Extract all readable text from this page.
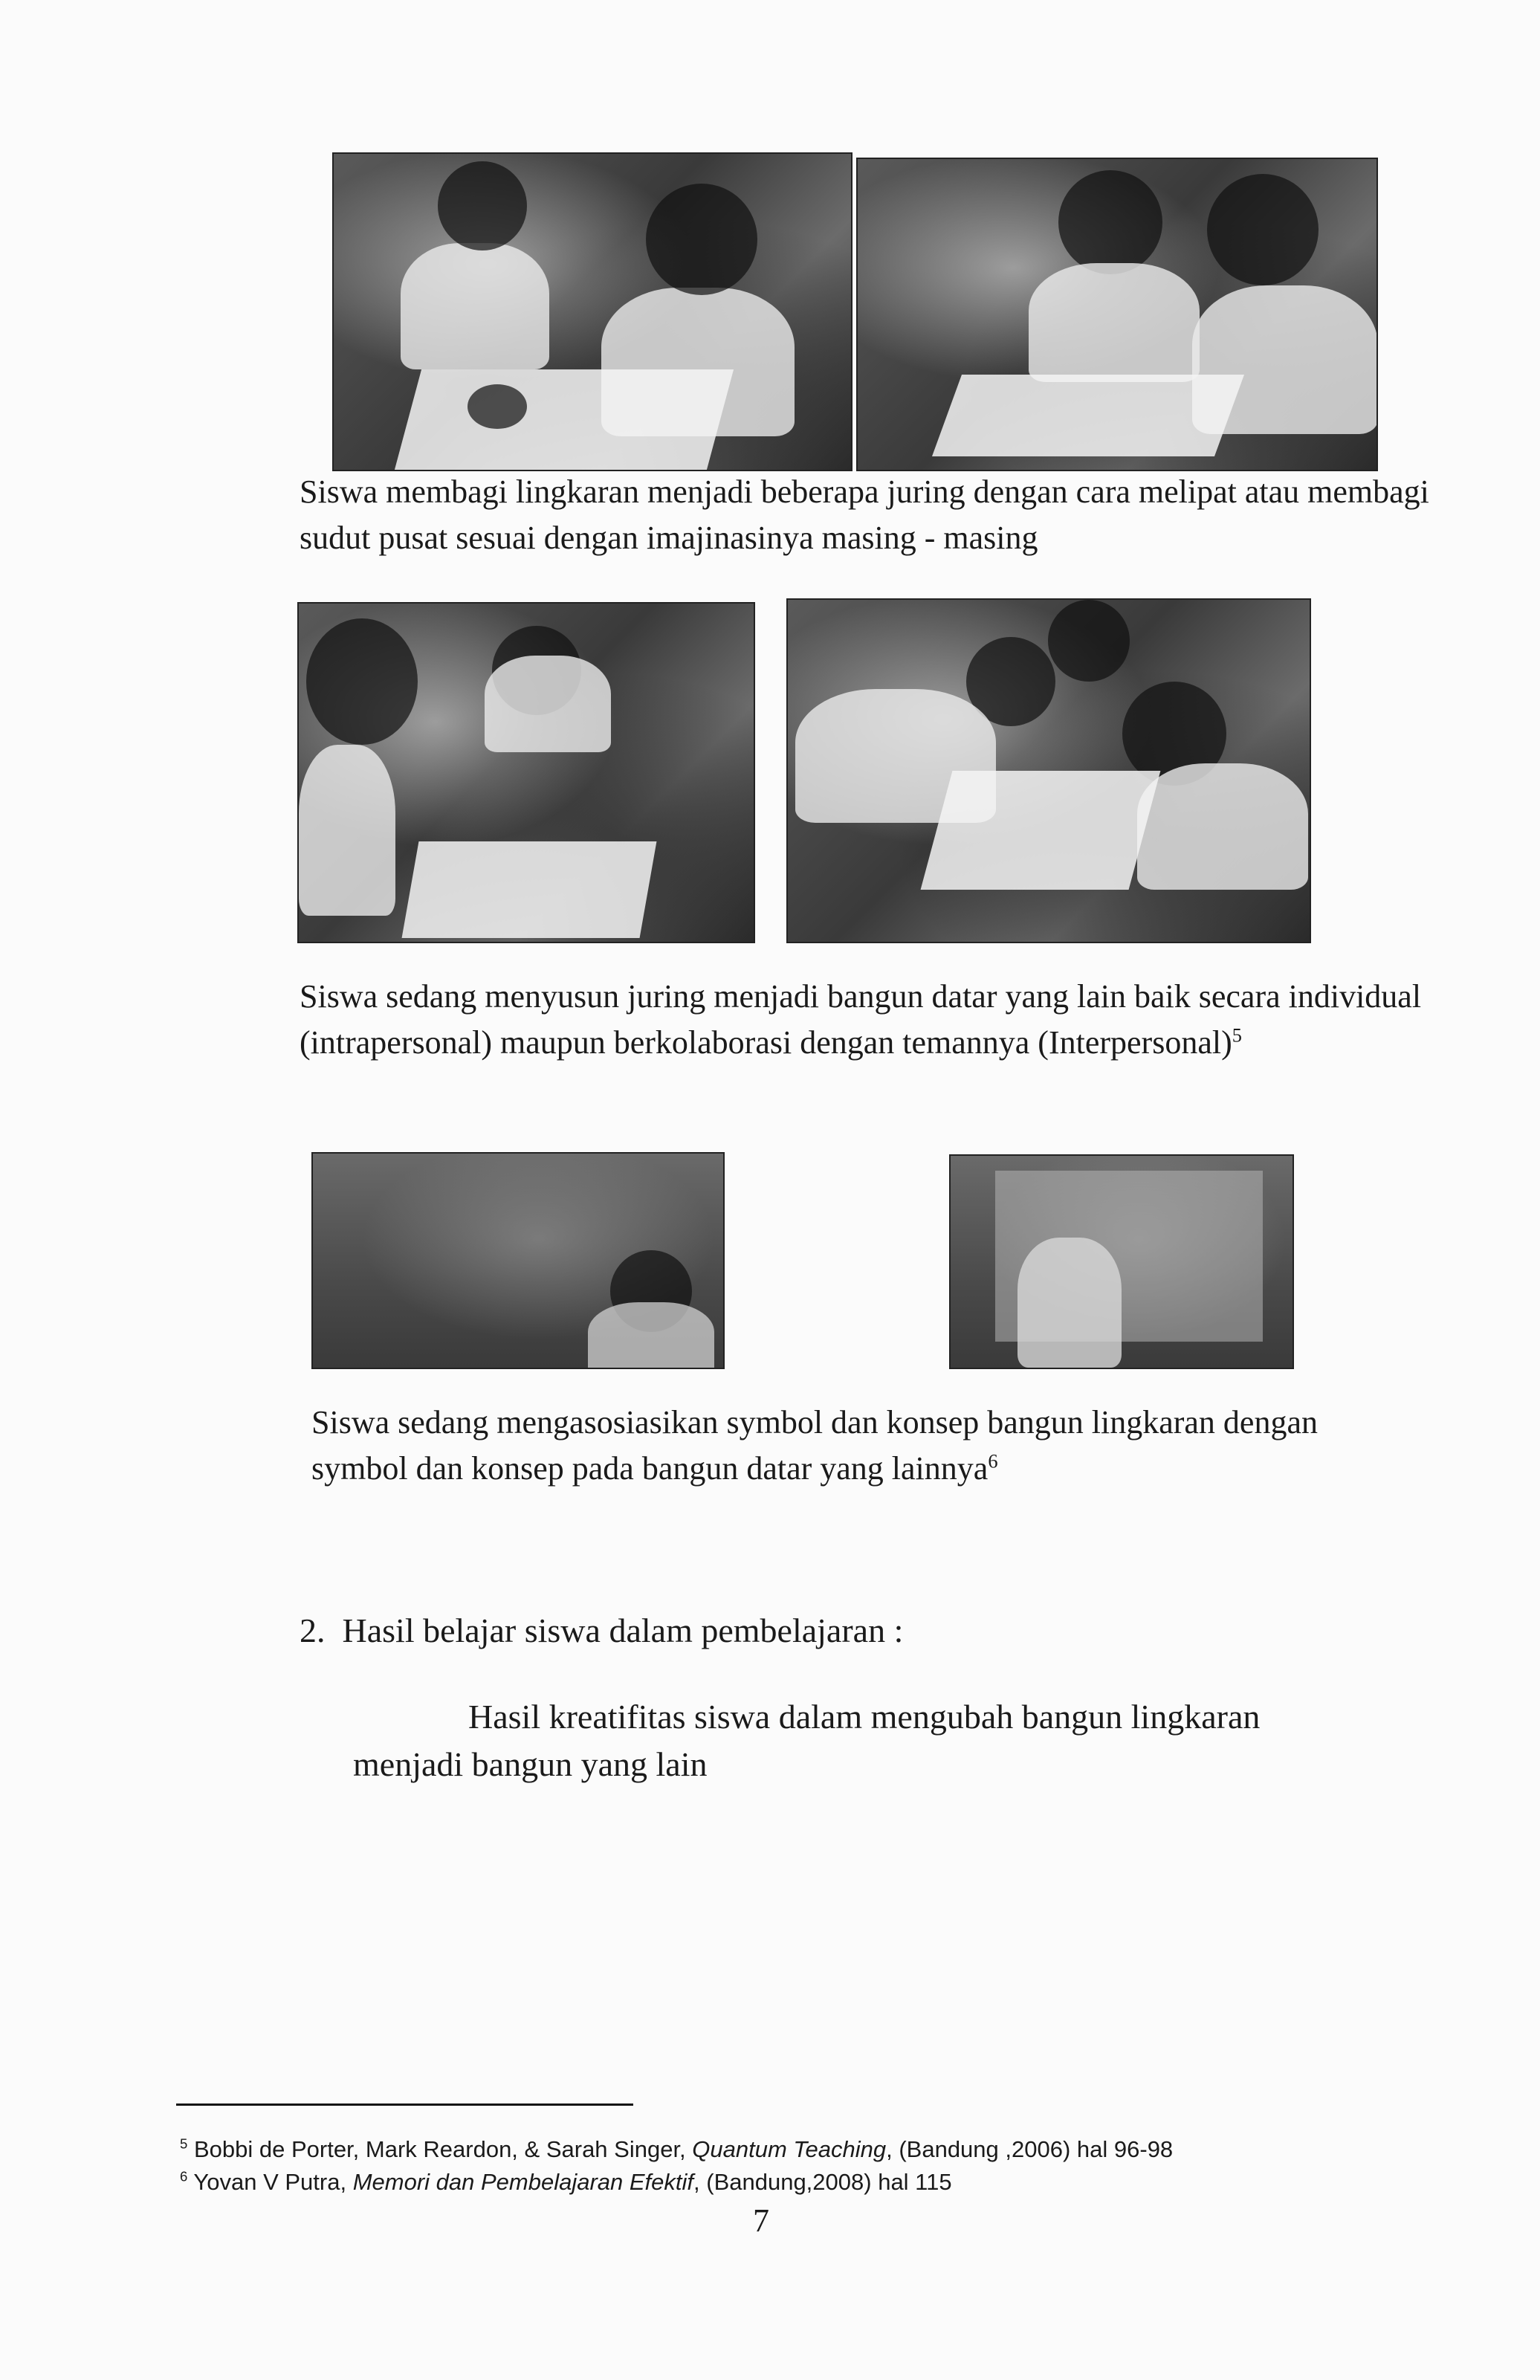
Siswa membagi lingkaran menjadi beberapa juring dengan cara melipat atau membagi sudut pusat sesuai dengan imajinasinya masing - masing

Siswa sedang menyusun juring menjadi bangun datar yang lain baik secara individual (intrapersonal) maupun berkolaborasi dengan temannya (Interpersonal)$^5$

Siswa sedang mengasosiasikan symbol dan konsep bangun lingkaran dengan symbol dan konsep pada bangun datar yang lainnya$^6$

2. Hasil belajar siswa dalam pembelajaran :

Hasil kreatifitas siswa dalam mengubah bangun lingkaran menjadi bangun yang lain

$^5$ Bobbi de Porter, Mark Reardon, & Sarah Singer, Quantum Teaching, (Bandung ,2006) hal 96-98

$^6$ Yovan V Putra, Memori dan Pembelajaran Efektif, (Bandung,2008) hal 115

7
